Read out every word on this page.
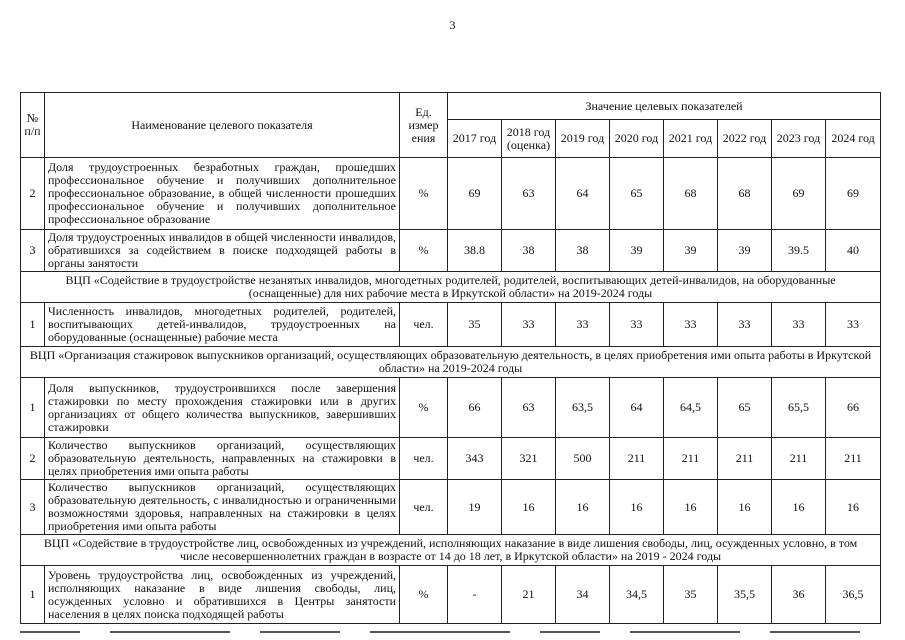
3
№ п/п	Наименование целевого показателя	Ед. измер ения	Значение целевых показателей							
			2017 год	2018 год (оценка)	2019 год	2020 год	2021 год	2022 год	2023 год	2024 год
2	Доля трудоустроенных безработных граждан, прошедших профессиональное обучение и получивших дополнительное профессиональное образование, в общей численности прошедших профессиональное обучение и получивших дополнительное профессиональное образование	%	69	63	64	65	68	68	69	69
3	Доля трудоустроенных инвалидов в общей численности инвалидов, обратившихся за содействием в поиске подходящей работы в органы занятости	%	38.8	38	38	39	39	39	39.5	40
ВЦП «Содействие в трудоустройстве незанятых инвалидов, многодетных родителей, родителей, воспитывающих детей-инвалидов, на оборудованные (оснащенные) для них рабочие места в Иркутской области» на 2019-2024 годы										
1	Численность инвалидов, многодетных родителей, родителей, воспитывающих детей-инвалидов, трудоустроенных на оборудованные (оснащенные) рабочие места	чел.	35	33	33	33	33	33	33	33
ВЦП «Организация стажировок выпускников организаций, осуществляющих образовательную деятельность, в целях приобретения ими опыта работы в Иркутской области» на 2019-2024 годы										
1	Доля выпускников, трудоустроившихся после завершения стажировки по месту прохождения стажировки или в других организациях от общего количества выпускников, завершивших стажировки	%	66	63	63,5	64	64,5	65	65,5	66
2	Количество выпускников организаций, осуществляющих образовательную деятельность, направленных на стажировки в целях приобретения ими опыта работы	чел.	343	321	500	211	211	211	211	211
3	Количество выпускников организаций, осуществляющих образовательную деятельность, с инвалидностью и ограниченными возможностями здоровья, направленных на стажировки в целях приобретения ими опыта работы	чел.	19	16	16	16	16	16	16	16
ВЦП «Содействие в трудоустройстве лиц, освобожденных из учреждений, исполняющих наказание в виде лишения свободы, лиц, осужденных условно, в том числе несовершеннолетних граждан в возрасте от 14 до 18 лет, в Иркутской области» на 2019 - 2024 годы										
1	Уровень трудоустройства лиц, освобожденных из учреждений, исполняющих наказание в виде лишения свободы, лиц, осужденных условно и обратившихся в Центры занятости населения в целях поиска подходящей работы	%	-	21	34	34,5	35	35,5	36	36,5
